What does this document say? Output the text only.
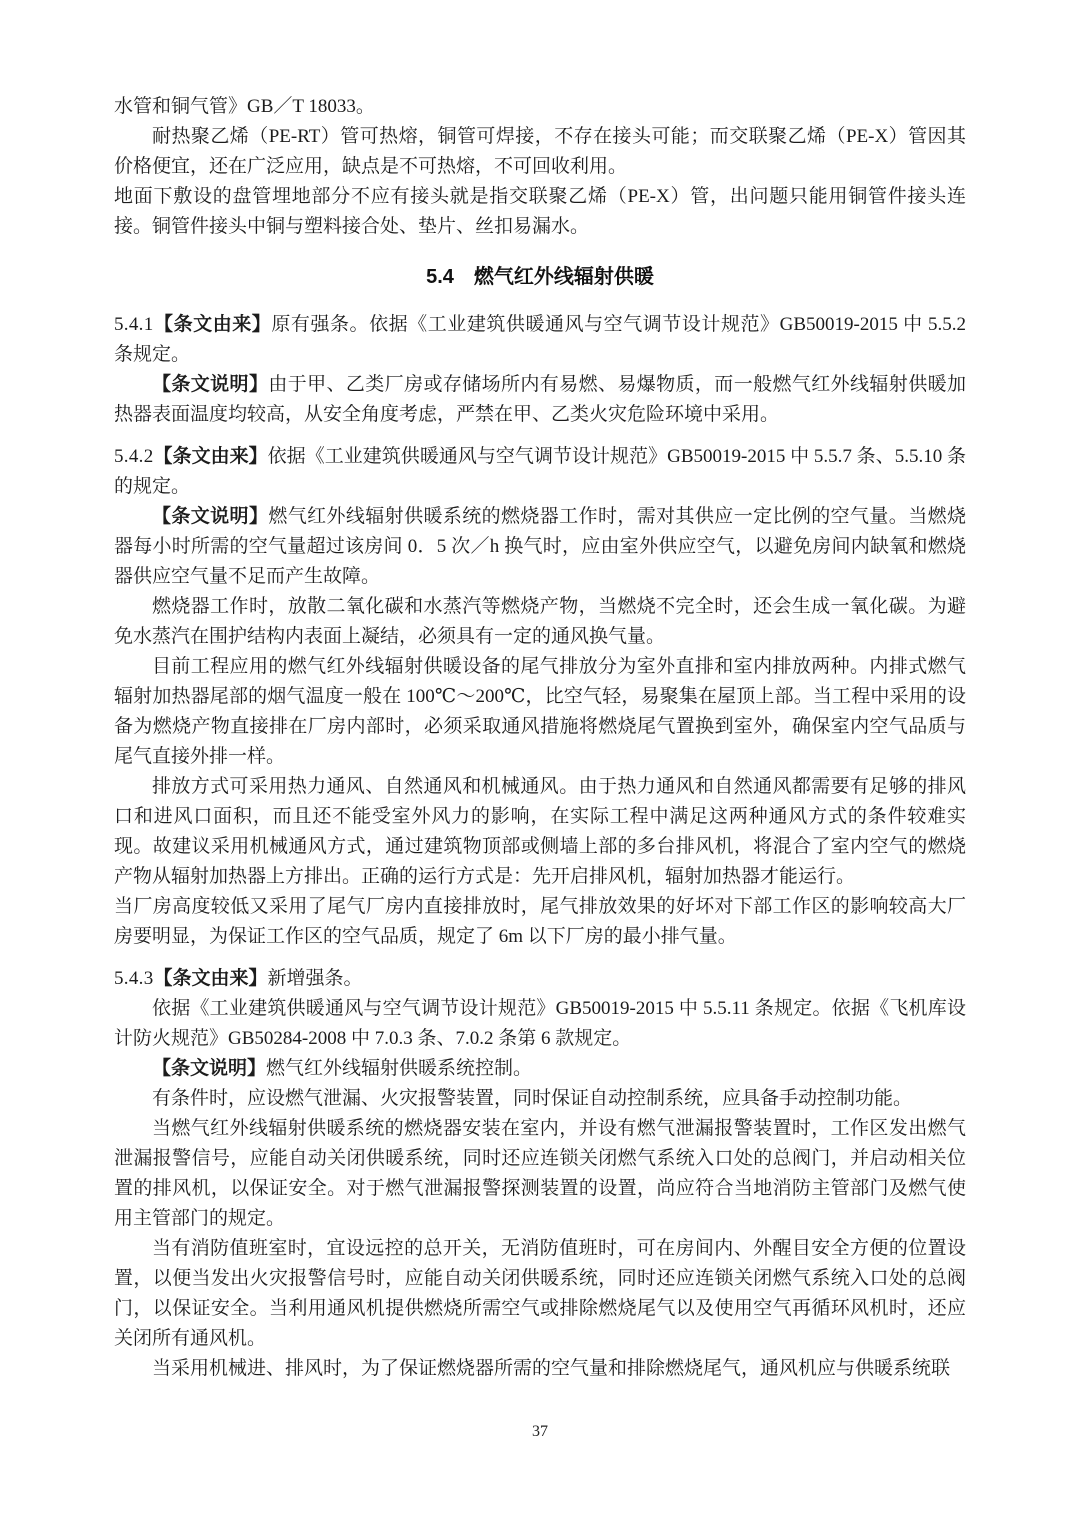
水管和铜气管》GB／T 18033。

耐热聚乙烯（PE-RT）管可热熔，铜管可焊接，不存在接头可能；而交联聚乙烯（PE-X）管因其价格便宜，还在广泛应用，缺点是不可热熔，不可回收利用。

地面下敷设的盘管埋地部分不应有接头就是指交联聚乙烯（PE-X）管，出问题只能用铜管件接头连接。铜管件接头中铜与塑料接合处、垫片、丝扣易漏水。

5.4 燃气红外线辐射供暖

5.4.1【条文由来】原有强条。依据《工业建筑供暖通风与空气调节设计规范》GB50019-2015 中 5.5.2 条规定。

【条文说明】由于甲、乙类厂房或存储场所内有易燃、易爆物质，而一般燃气红外线辐射供暖加热器表面温度均较高，从安全角度考虑，严禁在甲、乙类火灾危险环境中采用。

5.4.2【条文由来】依据《工业建筑供暖通风与空气调节设计规范》GB50019-2015 中 5.5.7 条、5.5.10 条的规定。

【条文说明】燃气红外线辐射供暖系统的燃烧器工作时，需对其供应一定比例的空气量。当燃烧器每小时所需的空气量超过该房间 0．5 次／h 换气时，应由室外供应空气，以避免房间内缺氧和燃烧器供应空气量不足而产生故障。

燃烧器工作时，放散二氧化碳和水蒸汽等燃烧产物，当燃烧不完全时，还会生成一氧化碳。为避免水蒸汽在围护结构内表面上凝结，必须具有一定的通风换气量。

目前工程应用的燃气红外线辐射供暖设备的尾气排放分为室外直排和室内排放两种。内排式燃气辐射加热器尾部的烟气温度一般在 100℃～200℃，比空气轻，易聚集在屋顶上部。当工程中采用的设备为燃烧产物直接排在厂房内部时，必须采取通风措施将燃烧尾气置换到室外，确保室内空气品质与尾气直接外排一样。

排放方式可采用热力通风、自然通风和机械通风。由于热力通风和自然通风都需要有足够的排风口和进风口面积，而且还不能受室外风力的影响，在实际工程中满足这两种通风方式的条件较难实现。故建议采用机械通风方式，通过建筑物顶部或侧墙上部的多台排风机，将混合了室内空气的燃烧产物从辐射加热器上方排出。正确的运行方式是：先开启排风机，辐射加热器才能运行。

当厂房高度较低又采用了尾气厂房内直接排放时，尾气排放效果的好坏对下部工作区的影响较高大厂房要明显，为保证工作区的空气品质，规定了 6m 以下厂房的最小排气量。

5.4.3【条文由来】新增强条。

依据《工业建筑供暖通风与空气调节设计规范》GB50019-2015 中 5.5.11 条规定。依据《飞机库设计防火规范》GB50284-2008 中 7.0.3 条、7.0.2 条第 6 款规定。

【条文说明】燃气红外线辐射供暖系统控制。

有条件时，应设燃气泄漏、火灾报警装置，同时保证自动控制系统，应具备手动控制功能。

当燃气红外线辐射供暖系统的燃烧器安装在室内，并设有燃气泄漏报警装置时，工作区发出燃气泄漏报警信号，应能自动关闭供暖系统，同时还应连锁关闭燃气系统入口处的总阀门，并启动相关位置的排风机，以保证安全。对于燃气泄漏报警探测装置的设置，尚应符合当地消防主管部门及燃气使用主管部门的规定。

当有消防值班室时，宜设远控的总开关，无消防值班时，可在房间内、外醒目安全方便的位置设置，以便当发出火灾报警信号时，应能自动关闭供暖系统，同时还应连锁关闭燃气系统入口处的总阀门，以保证安全。当利用通风机提供燃烧所需空气或排除燃烧尾气以及使用空气再循环风机时，还应关闭所有通风机。

当采用机械进、排风时，为了保证燃烧器所需的空气量和排除燃烧尾气，通风机应与供暖系统联

37
